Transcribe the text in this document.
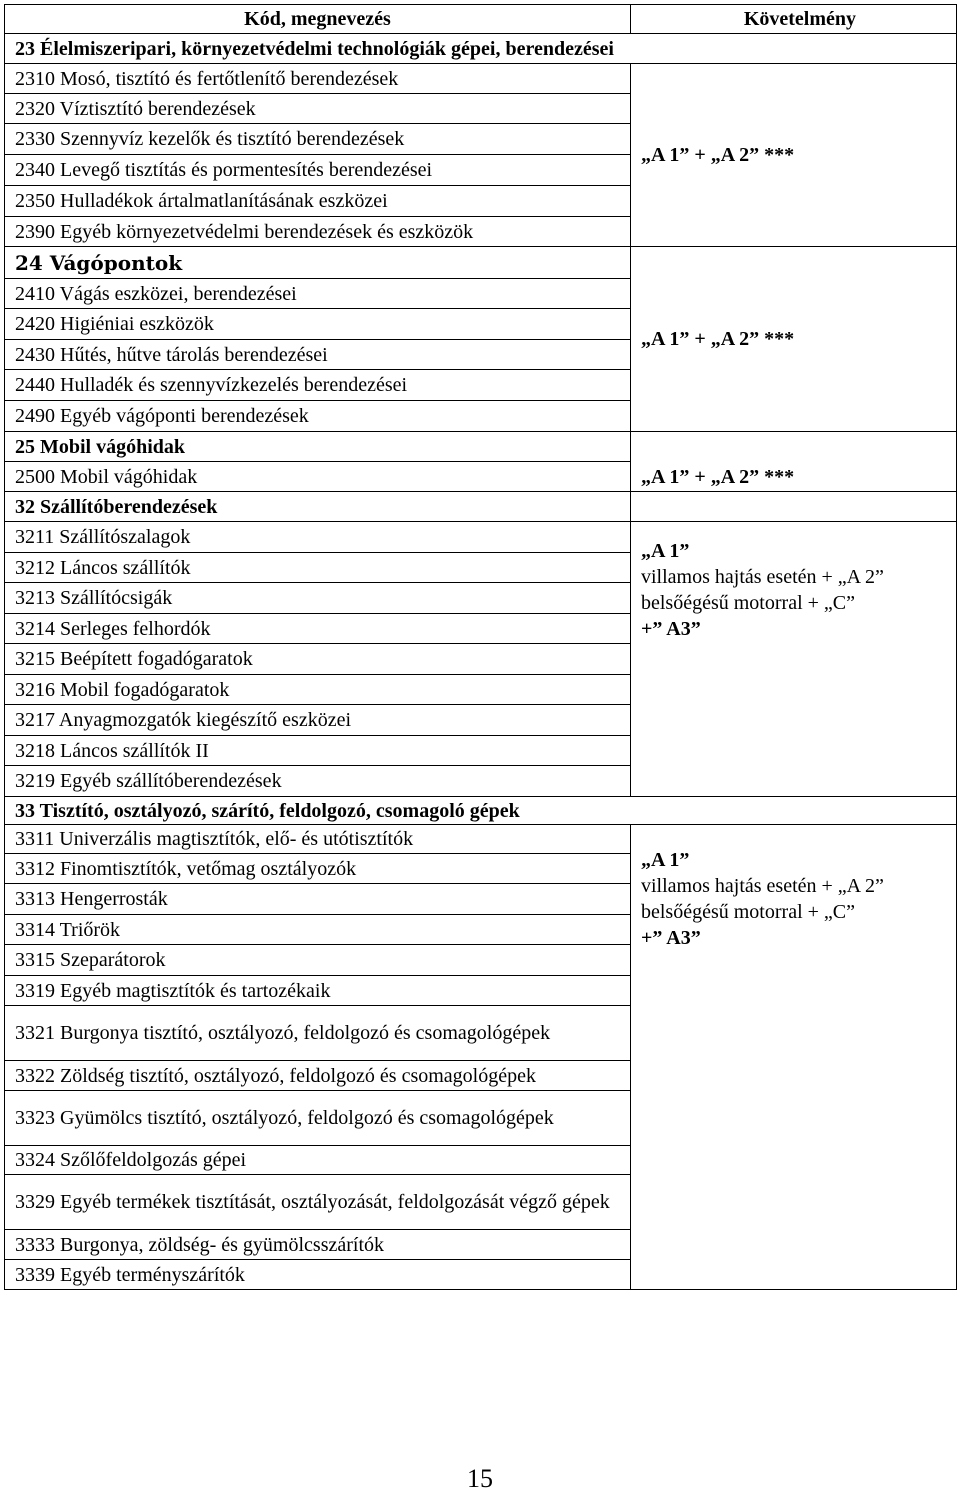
Kód, megnevezés	Követelmény
23 Élelmiszeripari, környezetvédelmi technológiák gépei, berendezései	
2310 Mosó, tisztító és fertőtlenítő berendezések	„A 1” + „A 2” ***

2320 Víztisztító berendezések	
2330 Szennyvíz kezelők és tisztító berendezések	
2340 Levegő tisztítás és pormentesítés berendezései	
2350 Hulladékok ártalmatlanításának eszközei	
2390 Egyéb környezetvédelmi berendezések és eszközök	
24 Vágópontok	„A 1” + „A 2” ***

2410 Vágás eszközei, berendezései	
2420 Higiéniai eszközök	
2430 Hűtés, hűtve tárolás berendezései	
2440 Hulladék és szennyvízkezelés berendezései	
2490 Egyéb vágóponti berendezések	
25 Mobil vágóhidak	„A 1” + „A 2” ***

2500 Mobil vágóhidak	
32 Szállítóberendezések	
3211 Szállítószalagok	„A 1”
villamos hajtás esetén + „A 2”
belsőégésű motorral + „C”
+” A3”

3212 Láncos szállítók	
3213 Szállítócsigák	
3214 Serleges felhordók	
3215 Beépített fogadógaratok	
3216 Mobil fogadógaratok	
3217 Anyagmozgatók kiegészítő eszközei	
3218 Láncos szállítók II	
3219 Egyéb szállítóberendezések	
33 Tisztító, osztályozó, szárító, feldolgozó, csomagoló gépek	
3311 Univerzális magtisztítók, elő- és utótisztítók	„A 1”
villamos hajtás esetén + „A 2”
belsőégésű motorral + „C”
+” A3”

3312 Finomtisztítók, vetőmag osztályozók	
3313 Hengerrosták	
3314 Triőrök	
3315 Szeparátorok	
3319 Egyéb magtisztítók és tartozékaik	
3321 Burgonya tisztító, osztályozó, feldolgozó és csomagológépek	
3322 Zöldség tisztító, osztályozó, feldolgozó és csomagológépek	
3323 Gyümölcs tisztító, osztályozó, feldolgozó és csomagológépek	
3324 Szőlőfeldolgozás gépei	
3329 Egyéb termékek tisztítását, osztályozását, feldolgozását végző gépek	
3333 Burgonya, zöldség- és gyümölcsszárítók	
3339 Egyéb terményszárítók	
15
